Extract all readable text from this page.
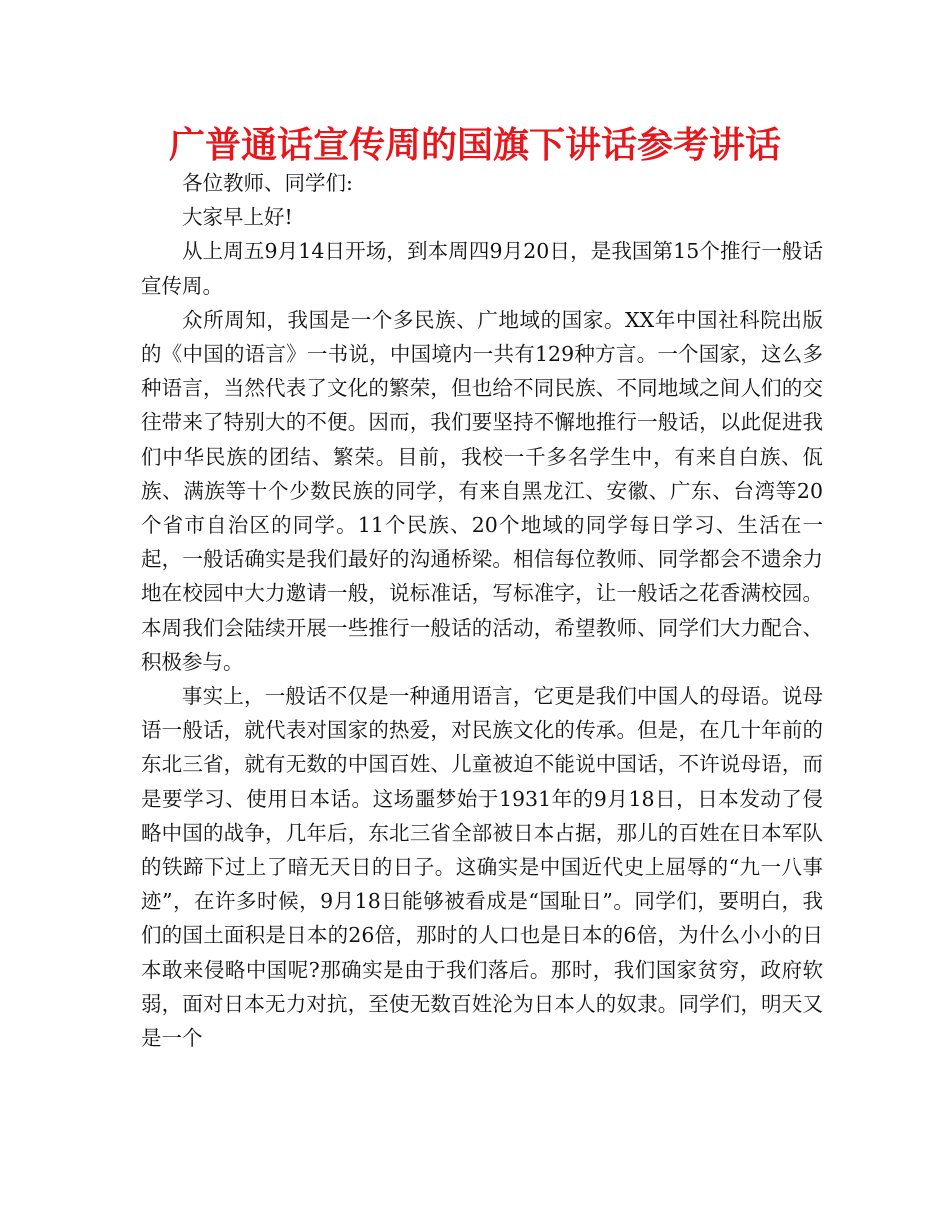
广普通话宣传周的国旗下讲话参考讲话

各位教师、同学们:

大家早上好!

从上周五9月14日开场，到本周四9月20日，是我国第15个推行一般话宣传周。

众所周知，我国是一个多民族、广地域的国家。XX年中国社科院出版的《中国的语言》一书说，中国境内一共有129种方言。一个国家，这么多种语言，当然代表了文化的繁荣，但也给不同民族、不同地域之间人们的交往带来了特别大的不便。因而，我们要坚持不懈地推行一般话，以此促进我们中华民族的团结、繁荣。目前，我校一千多名学生中，有来自白族、佤族、满族等十个少数民族的同学，有来自黑龙江、安徽、广东、台湾等20个省市自治区的同学。11个民族、20个地域的同学每日学习、生活在一起，一般话确实是我们最好的沟通桥梁。相信每位教师、同学都会不遗余力地在校园中大力邀请一般，说标准话，写标准字，让一般话之花香满校园。本周我们会陆续开展一些推行一般话的活动，希望教师、同学们大力配合、积极参与。

事实上，一般话不仅是一种通用语言，它更是我们中国人的母语。说母语一般话，就代表对国家的热爱，对民族文化的传承。但是，在几十年前的东北三省，就有无数的中国百姓、儿童被迫不能说中国话，不许说母语，而是要学习、使用日本话。这场噩梦始于1931年的9月18日，日本发动了侵略中国的战争，几年后，东北三省全部被日本占据，那儿的百姓在日本军队的铁蹄下过上了暗无天日的日子。这确实是中国近代史上屈辱的“九一八事迹”，在许多时候，9月18日能够被看成是“国耻日”。同学们，要明白，我们的国土面积是日本的26倍，那时的人口也是日本的6倍，为什么小小的日本敢来侵略中国呢?那确实是由于我们落后。那时，我们国家贫穷，政府软弱，面对日本无力对抗，至使无数百姓沦为日本人的奴隶。同学们，明天又是一个
